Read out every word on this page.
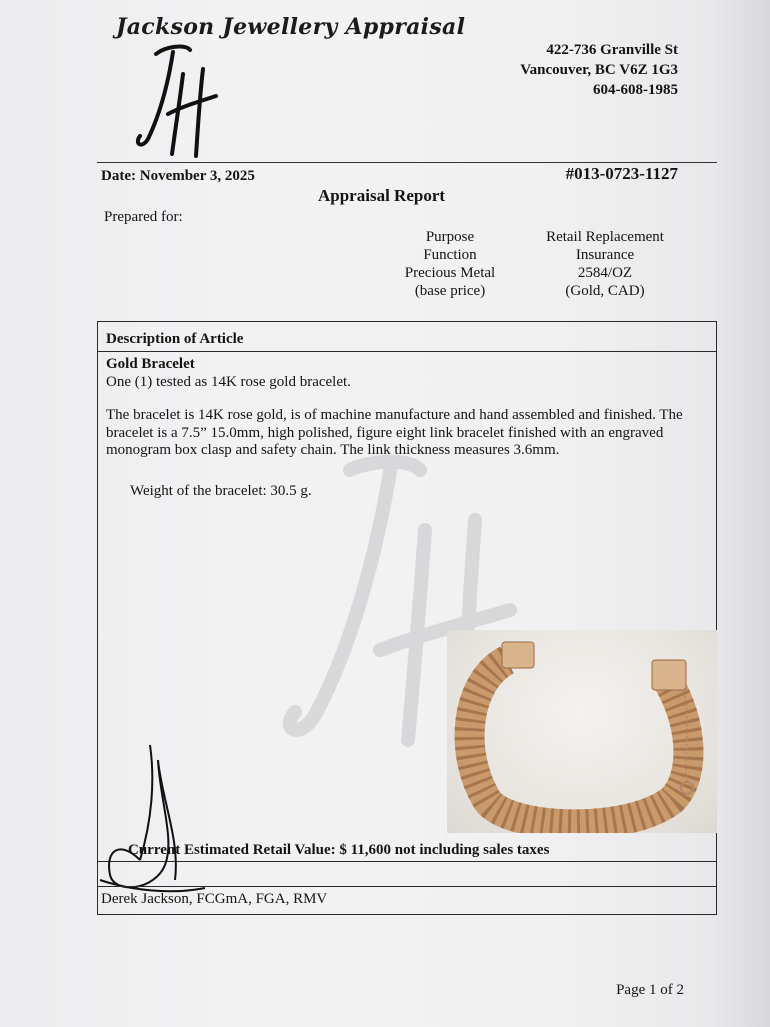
Jackson Jewellery Appraisal
422-736 Granville St
Vancouver, BC V6Z 1G3
604-608-1985
Date: November 3, 2025	#013-0723-1127
Appraisal Report
Prepared for:
Purpose
Function
Precious Metal
(base price)
Retail Replacement
Insurance
2584/OZ
(Gold, CAD)
Description of Article

Gold Bracelet

One (1) tested as 14K rose gold bracelet.

The bracelet is 14K rose gold, is of machine manufacture and hand assembled and finished. The bracelet is a 7.5” 15.0mm, high polished, figure eight link bracelet finished with an engraved monogram box clasp and safety chain. The link thickness measures 3.6mm.

Weight of the bracelet: 30.5 g.
Current Estimated Retail Value: $ 11,600 not including sales taxes
Derek Jackson, FCGmA, FGA, RMV
Page 1 of 2
